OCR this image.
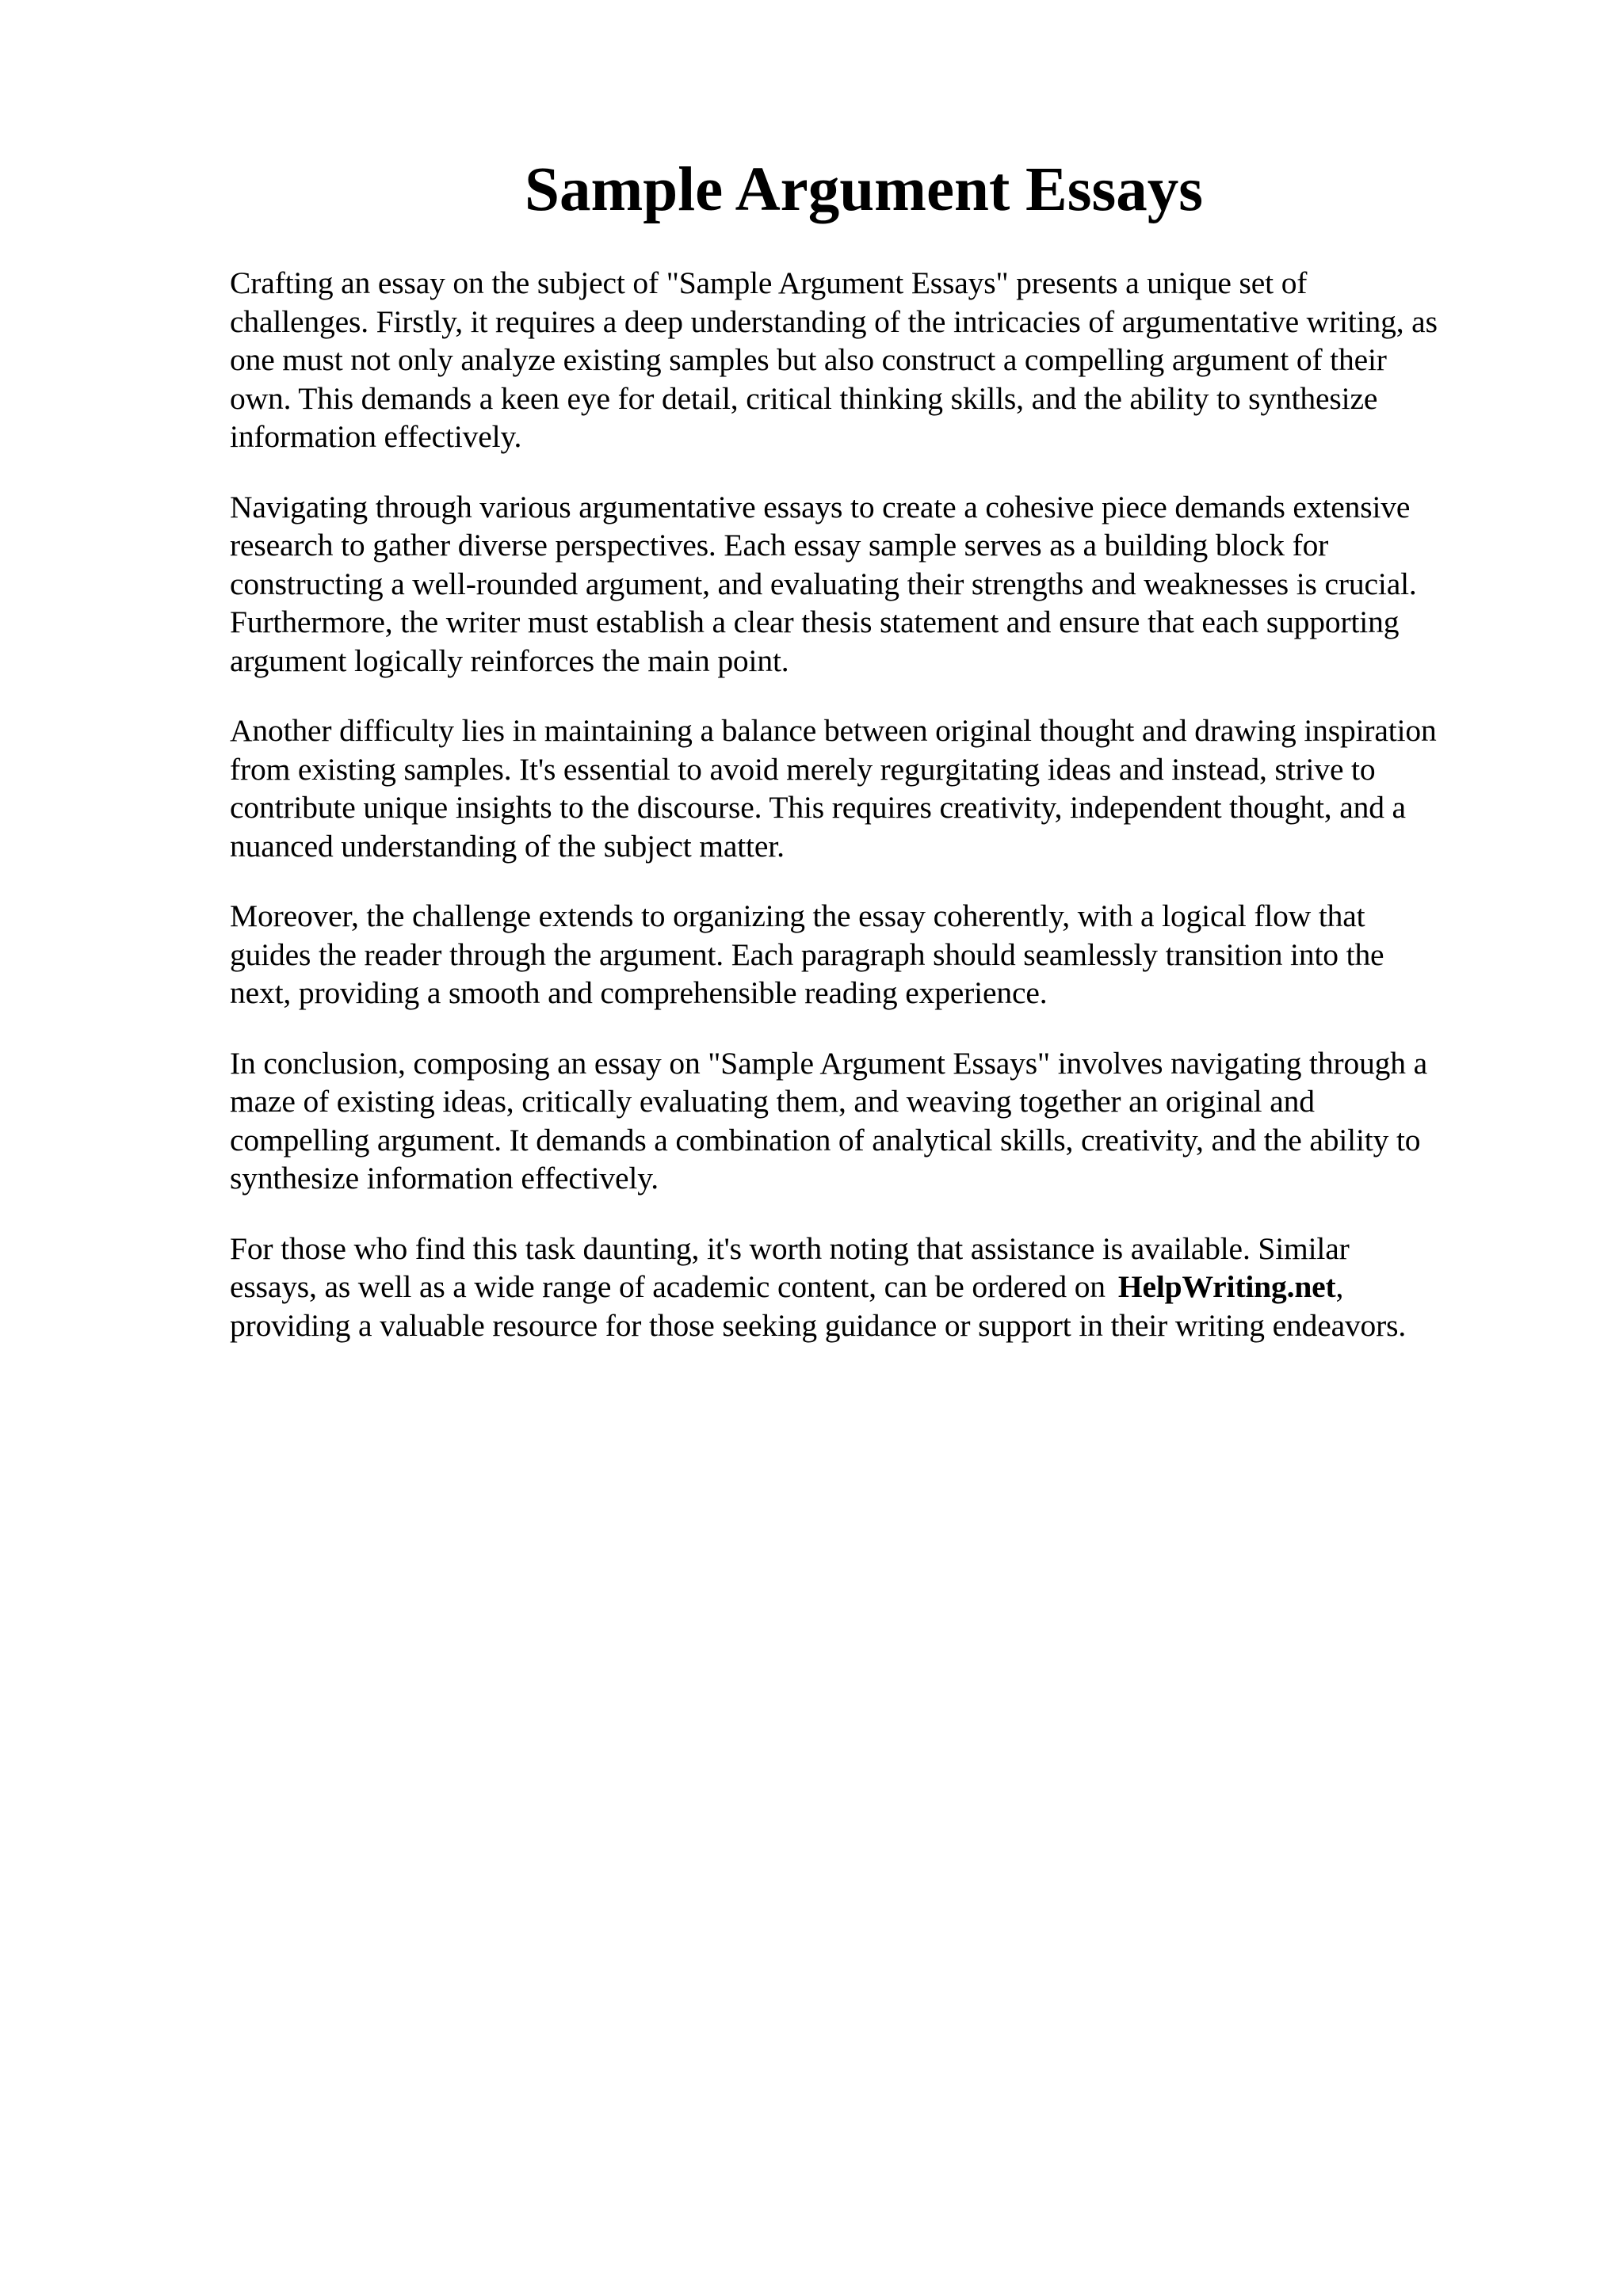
Sample Argument Essays

Crafting an essay on the subject of "Sample Argument Essays" presents a unique set of
challenges. Firstly, it requires a deep understanding of the intricacies of argumentative writing, as
one must not only analyze existing samples but also construct a compelling argument of their
own. This demands a keen eye for detail, critical thinking skills, and the ability to synthesize
information effectively.

Navigating through various argumentative essays to create a cohesive piece demands extensive
research to gather diverse perspectives. Each essay sample serves as a building block for
constructing a well-rounded argument, and evaluating their strengths and weaknesses is crucial.
Furthermore, the writer must establish a clear thesis statement and ensure that each supporting
argument logically reinforces the main point.

Another difficulty lies in maintaining a balance between original thought and drawing inspiration
from existing samples. It's essential to avoid merely regurgitating ideas and instead, strive to
contribute unique insights to the discourse. This requires creativity, independent thought, and a
nuanced understanding of the subject matter.

Moreover, the challenge extends to organizing the essay coherently, with a logical flow that
guides the reader through the argument. Each paragraph should seamlessly transition into the
next, providing a smooth and comprehensible reading experience.

In conclusion, composing an essay on "Sample Argument Essays" involves navigating through a
maze of existing ideas, critically evaluating them, and weaving together an original and
compelling argument. It demands a combination of analytical skills, creativity, and the ability to
synthesize information effectively.

For those who find this task daunting, it's worth noting that assistance is available. Similar
essays, as well as a wide range of academic content, can be ordered on HelpWriting.net,
providing a valuable resource for those seeking guidance or support in their writing endeavors.
